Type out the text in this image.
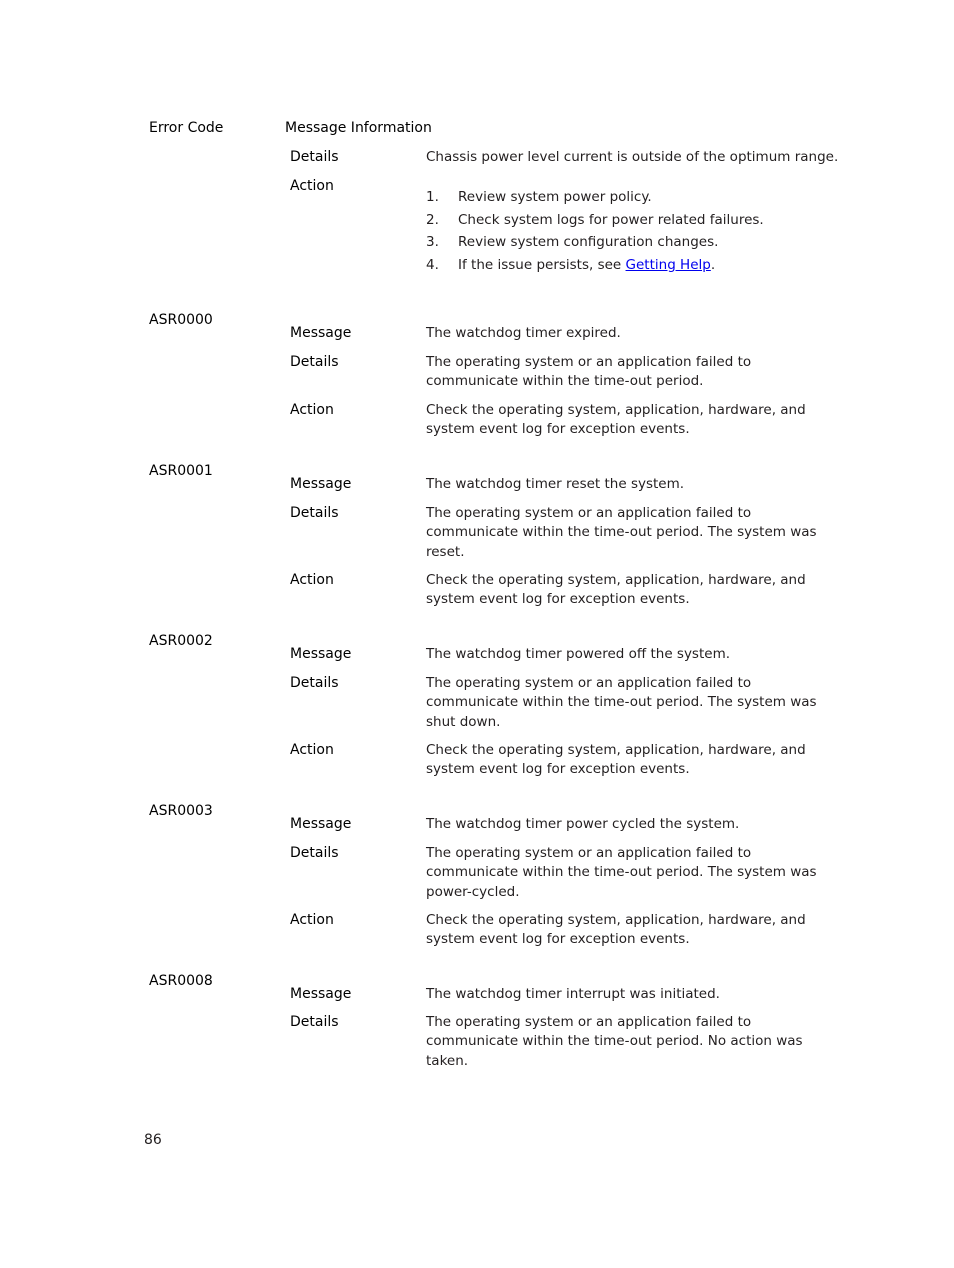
Error Code	Message Information
Details	Chassis power level current is outside of the optimum range.
Action
1.	Review system power policy.
2.	Check system logs for power related failures.
3.	Review system configuration changes.
4.	If the issue persists, see Getting Help.
ASR0000
Message	The watchdog timer expired.
Details	The operating system or an application failed to
communicate within the time-out period.
Action	Check the operating system, application, hardware, and
system event log for exception events.
ASR0001
Message	The watchdog timer reset the system.
Details	The operating system or an application failed to
communicate within the time-out period. The system was
reset.
Action	Check the operating system, application, hardware, and
system event log for exception events.
ASR0002
Message	The watchdog timer powered off the system.
Details	The operating system or an application failed to
communicate within the time-out period. The system was
shut down.
Action	Check the operating system, application, hardware, and
system event log for exception events.
ASR0003
Message	The watchdog timer power cycled the system.
Details	The operating system or an application failed to
communicate within the time-out period. The system was
power-cycled.
Action	Check the operating system, application, hardware, and
system event log for exception events.
ASR0008
Message	The watchdog timer interrupt was initiated.
Details	The operating system or an application failed to
communicate within the time-out period. No action was
taken.
86
